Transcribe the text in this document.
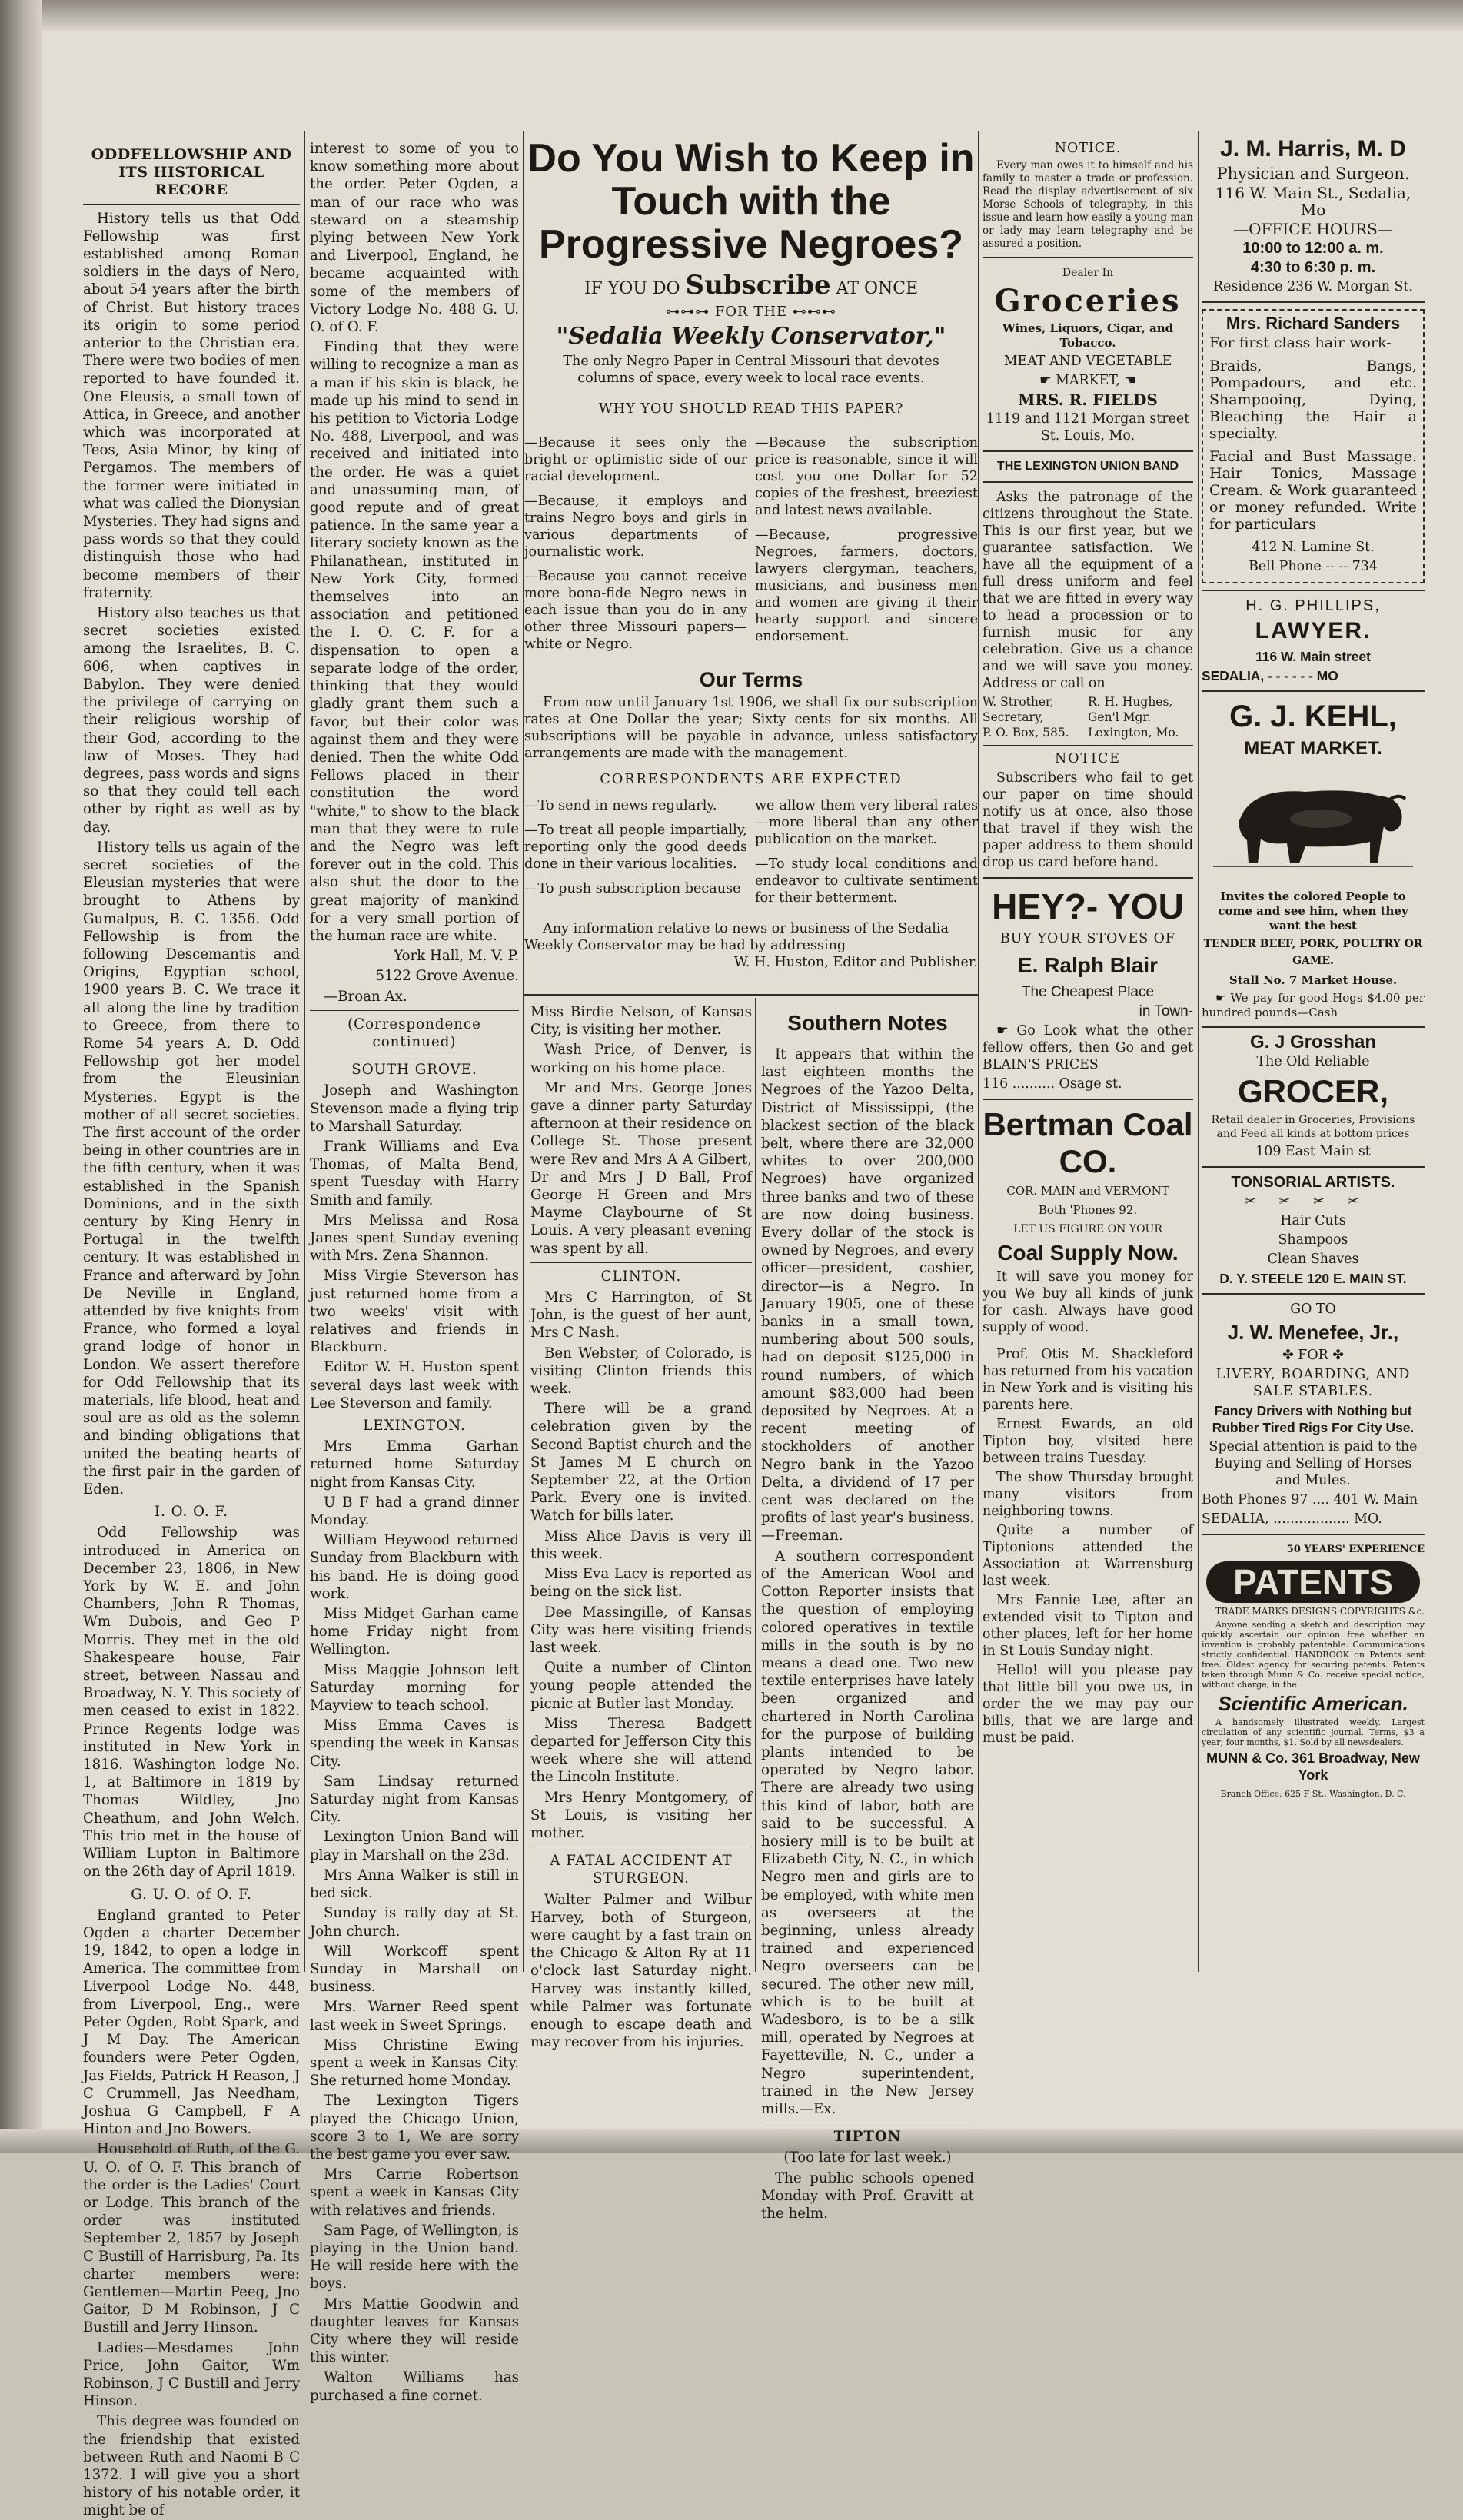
ODDFELLOWSHIP AND ITS HISTORICAL RECORE

History tells us that Odd Fellowship was first established among Roman soldiers in the days of Nero, about 54 years after the birth of Christ. But history traces its origin to some period anterior to the Christian era. There were two bodies of men reported to have founded it. One Eleusis, a small town of Attica, in Greece, and another which was incorporated at Teos, Asia Minor, by king of Pergamos. The members of the former were initiated in what was called the Dionysian Mysteries. They had signs and pass words so that they could distinguish those who had become members of their fraternity.

History also teaches us that secret societies existed among the Israelites, B. C. 606, when captives in Babylon. They were denied the privilege of carrying on their religious worship of their God, according to the law of Moses. They had degrees, pass words and signs so that they could tell each other by right as well as by day.

History tells us again of the secret societies of the Eleusian mysteries that were brought to Athens by Gumalpus, B. C. 1356. Odd Fellowship is from the following Descemantis and Origins, Egyptian school, 1900 years B. C. We trace it all along the line by tradition to Greece, from there to Rome 54 years A. D. Odd Fellowship got her model from the Eleusinian Mysteries. Egypt is the mother of all secret societies. The first account of the order being in other countries are in the fifth century, when it was established in the Spanish Dominions, and in the sixth century by King Henry in Portugal in the twelfth century. It was established in France and afterward by John De Neville in England, attended by five knights from France, who formed a loyal grand lodge of honor in London. We assert therefore for Odd Fellowship that its materials, life blood, heat and soul are as old as the solemn and binding obligations that united the beating hearts of the first pair in the garden of Eden.

I. O. O. F.

Odd Fellowship was introduced in America on December 23, 1806, in New York by W. E. and John Chambers, John R Thomas, Wm Dubois, and Geo P Morris. They met in the old Shakespeare house, Fair street, between Nassau and Broadway, N. Y. This society of men ceased to exist in 1822. Prince Regents lodge was instituted in New York in 1816. Washington lodge No. 1, at Baltimore in 1819 by Thomas Wildley, Jno Cheathum, and John Welch. This trio met in the house of William Lupton in Baltimore on the 26th day of April 1819.

G. U. O. of O. F.

England granted to Peter Ogden a charter December 19, 1842, to open a lodge in America. The committee from Liverpool Lodge No. 448, from Liverpool, Eng., were Peter Ogden, Robt Spark, and J M Day. The American founders were Peter Ogden, Jas Fields, Patrick H Reason, J C Crummell, Jas Needham, Joshua G Campbell, F A Hinton and Jno Bowers.

Household of Ruth, of the G. U. O. of O. F. This branch of the order is the Ladies' Court or Lodge. This branch of the order was instituted September 2, 1857 by Joseph C Bustill of Harrisburg, Pa. Its charter members were: Gentlemen—Martin Peeg, Jno Gaitor, D M Robinson, J C Bustill and Jerry Hinson.

Ladies—Mesdames John Price, John Gaitor, Wm Robinson, J C Bustill and Jerry Hinson.

This degree was founded on the friendship that existed between Ruth and Naomi B C 1372. I will give you a short history of his notable order, it might be of

interest to some of you to know something more about the order. Peter Ogden, a man of our race who was steward on a steamship plying between New York and Liverpool, England, he became acquainted with some of the members of Victory Lodge No. 488 G. U. O. of O. F.

Finding that they were willing to recognize a man as a man if his skin is black, he made up his mind to send in his petition to Victoria Lodge No. 488, Liverpool, and was received and initiated into the order. He was a quiet and unassuming man, of good repute and of great patience. In the same year a literary society known as the Philanathean, instituted in New York City, formed themselves into an association and petitioned the I. O. C. F. for a dispensation to open a separate lodge of the order, thinking that they would gladly grant them such a favor, but their color was against them and they were denied. Then the white Odd Fellows placed in their constitution the word "white," to show to the black man that they were to rule and the Negro was left forever out in the cold. This also shut the door to the great majority of mankind for a very small portion of the human race are white.

York Hall, M. V. P.

5122 Grove Avenue.

—Broan Ax.

(Correspondence continued)

SOUTH GROVE.

Joseph and Washington Stevenson made a flying trip to Marshall Saturday.

Frank Williams and Eva Thomas, of Malta Bend, spent Tuesday with Harry Smith and family.

Mrs Melissa and Rosa Janes spent Sunday evening with Mrs. Zena Shannon.

Miss Virgie Steverson has just returned home from a two weeks' visit with relatives and friends in Blackburn.

Editor W. H. Huston spent several days last week with Lee Steverson and family.

LEXINGTON.

Mrs Emma Garhan returned home Saturday night from Kansas City.

U B F had a grand dinner Monday.

William Heywood returned Sunday from Blackburn with his band. He is doing good work.

Miss Midget Garhan came home Friday night from Wellington.

Miss Maggie Johnson left Saturday morning for Mayview to teach school.

Miss Emma Caves is spending the week in Kansas City.

Sam Lindsay returned Saturday night from Kansas City.

Lexington Union Band will play in Marshall on the 23d.

Mrs Anna Walker is still in bed sick.

Sunday is rally day at St. John church.

Will Workcoff spent Sunday in Marshall on business.

Mrs. Warner Reed spent last week in Sweet Springs.

Miss Christine Ewing spent a week in Kansas City. She returned home Monday.

The Lexington Tigers played the Chicago Union, score 3 to 1, We are sorry the best game you ever saw.

Mrs Carrie Robertson spent a week in Kansas City with relatives and friends.

Sam Page, of Wellington, is playing in the Union band. He will reside here with the boys.

Mrs Mattie Goodwin and daughter leaves for Kansas City where they will reside this winter.

Walton Williams has purchased a fine cornet.

Do You Wish to Keep in Touch with the Progressive Negroes?
IF YOU DO Subscribe AT ONCE
⊶⊶⊶ FOR THE ⊷⊷⊷
"Sedalia Weekly Conservator,"
The only Negro Paper in Central Missouri that devotes columns of space, every week to local race events.
WHY YOU SHOULD READ THIS PAPER?

—Because it sees only the bright or optimistic side of our racial development.

—Because, it employs and trains Negro boys and girls in various departments of journalistic work.

—Because you cannot receive more bona-fide Negro news in each issue than you do in any other three Missouri papers—white or Negro.

—Because the subscription price is reasonable, since it will cost you one Dollar for 52 copies of the freshest, breeziest and latest news available.

—Because, progressive Negroes, farmers, doctors, lawyers clergyman, teachers, musicians, and business men and women are giving it their hearty support and sincere endorsement.

Our Terms

From now until January 1st 1906, we shall fix our subscription rates at One Dollar the year; Sixty cents for six months. All subscriptions will be payable in advance, unless satisfactory arrangements are made with the management.

CORRESPONDENTS ARE EXPECTED

—To send in news regularly.

—To treat all people impartially, reporting only the good deeds done in their various localities.

—To push subscription because

we allow them very liberal rates—more liberal than any other publication on the market.

—To study local conditions and endeavor to cultivate sentiment for their betterment.

Any information relative to news or business of the Sedalia Weekly Conservator may be had by addressing

W. H. Huston, Editor and Publisher.

Miss Birdie Nelson, of Kansas City, is visiting her mother.

Wash Price, of Denver, is working on his home place.

Mr and Mrs. George Jones gave a dinner party Saturday afternoon at their residence on College St. Those present were Rev and Mrs A A Gilbert, Dr and Mrs J D Ball, Prof George H Green and Mrs Mayme Claybourne of St Louis. A very pleasant evening was spent by all.

CLINTON.

Mrs C Harrington, of St John, is the guest of her aunt, Mrs C Nash.

Ben Webster, of Colorado, is visiting Clinton friends this week.

There will be a grand celebration given by the Second Baptist church and the St James M E church on September 22, at the Ortion Park. Every one is invited. Watch for bills later.

Miss Alice Davis is very ill this week.

Miss Eva Lacy is reported as being on the sick list.

Dee Massingille, of Kansas City was here visiting friends last week.

Quite a number of Clinton young people attended the picnic at Butler last Monday.

Miss Theresa Badgett departed for Jefferson City this week where she will attend the Lincoln Institute.

Mrs Henry Montgomery, of St Louis, is visiting her mother.

A FATAL ACCIDENT AT STURGEON.

Walter Palmer and Wilbur Harvey, both of Sturgeon, were caught by a fast train on the Chicago & Alton Ry at 11 o'clock last Saturday night. Harvey was instantly killed, while Palmer was fortunate enough to escape death and may recover from his injuries.

Southern Notes

It appears that within the last eighteen months the Negroes of the Yazoo Delta, District of Mississippi, (the blackest section of the black belt, where there are 32,000 whites to over 200,000 Negroes) have organized three banks and two of these are now doing business. Every dollar of the stock is owned by Negroes, and every officer—president, cashier, director—is a Negro. In January 1905, one of these banks in a small town, numbering about 500 souls, had on deposit $125,000 in round numbers, of which amount $83,000 had been deposited by Negroes. At a recent meeting of stockholders of another Negro bank in the Yazoo Delta, a dividend of 17 per cent was declared on the profits of last year's business.—Freeman.

A southern correspondent of the American Wool and Cotton Reporter insists that the question of employing colored operatives in textile mills in the south is by no means a dead one. Two new textile enterprises have lately been organized and chartered in North Carolina for the purpose of building plants intended to be operated by Negro labor. There are already two using this kind of labor, both are said to be successful. A hosiery mill is to be built at Elizabeth City, N. C., in which Negro men and girls are to be employed, with white men as overseers at the beginning, unless already trained and experienced Negro overseers can be secured. The other new mill, which is to be built at Wadesboro, is to be a silk mill, operated by Negroes at Fayetteville, N. C., under a Negro superintendent, trained in the New Jersey mills.—Ex.

TIPTON

(Too late for last week.)

The public schools opened Monday with Prof. Gravitt at the helm.

NOTICE.

Every man owes it to himself and his family to master a trade or profession. Read the display advertisement of six Morse Schools of telegraphy, in this issue and learn how easily a young man or lady may learn telegraphy and be assured a position.

Dealer In

Groceries

Wines, Liquors, Cigar, and Tobacco.

MEAT AND VEGETABLE

☛ MARKET, ☚

MRS. R. FIELDS

1119 and 1121 Morgan street St. Louis, Mo.

THE LEXINGTON UNION BAND

Asks the patronage of the citizens throughout the State. This is our first year, but we guarantee satisfaction. We have all the equipment of a full dress uniform and feel that we are fitted in every way to head a procession or to furnish music for any celebration. Give us a chance and we will save you money. Address or call on

W. Strother,	R. H. Hughes,
Secretary,	Gen'l Mgr.
P. O. Box, 585.	Lexington, Mo.

NOTICE

Subscribers who fail to get our paper on time should notify us at once, also those that travel if they wish the paper address to them should drop us card before hand.

HEY?- YOU

BUY YOUR STOVES OF

E. Ralph Blair

The Cheapest Place

in Town-

☛ Go Look what the other fellow offers, then Go and get BLAIN'S PRICES

116 .......... Osage st.

Bertman Coal CO.

COR. MAIN and VERMONT

Both 'Phones 92.

LET US FIGURE ON YOUR

Coal Supply Now.

It will save you money for you We buy all kinds of junk for cash. Always have good supply of wood.

Prof. Otis M. Shackleford has returned from his vacation in New York and is visiting his parents here.

Ernest Ewards, an old Tipton boy, visited here between trains Tuesday.

The show Thursday brought many visitors from neighboring towns.

Quite a number of Tiptonions attended the Association at Warrensburg last week.

Mrs Fannie Lee, after an extended visit to Tipton and other places, left for her home in St Louis Sunday night.

Hello! will you please pay that little bill you owe us, in order the we may pay our bills, that we are large and must be paid.

J. M. Harris, M. D

Physician and Surgeon.

116 W. Main St., Sedalia, Mo

—OFFICE HOURS—

10:00 to 12:00 a. m.

4:30 to 6:30 p. m.

Residence 236 W. Morgan St.

Mrs. Richard Sanders

For first class hair work-

Braids, Bangs, Pompadours, and etc. Shampooing, Dying, Bleaching the Hair a specialty.

Facial and Bust Massage. Hair Tonics, Massage Cream. & Work guaranteed or money refunded. Write for particulars

412 N. Lamine St.

Bell Phone -- -- 734

H. G. PHILLIPS,

LAWYER.

116 W. Main street

SEDALIA, - - - - - - MO

G. J. KEHL,

MEAT MARKET.

Invites the colored People to come and see him, when they want the best

TENDER BEEF, PORK, POULTRY OR GAME.

Stall No. 7 Market House.

☛ We pay for good Hogs $4.00 per hundred pounds—Cash

G. J Grosshan

The Old Reliable

GROCER,

Retail dealer in Groceries, Provisions and Feed all kinds at bottom prices

109 East Main st

TONSORIAL ARTISTS.

✂✂✂✂

Hair Cuts

Shampoos

Clean Shaves

D. Y. STEELE 120 E. MAIN ST.

GO TO

J. W. Menefee, Jr.,

✤ FOR ✤

LIVERY, BOARDING, AND SALE STABLES.

Fancy Drivers with Nothing but Rubber Tired Rigs For City Use.

Special attention is paid to the Buying and Selling of Horses and Mules.

Both Phones 97 .... 401 W. Main

SEDALIA, .................. MO.

50 YEARS' EXPERIENCE

PATENTS

TRADE MARKS DESIGNS COPYRIGHTS &c.

Anyone sending a sketch and description may quickly ascertain our opinion free whether an invention is probably patentable. Communications strictly confidential. HANDBOOK on Patents sent free. Oldest agency for securing patents. Patents taken through Munn & Co. receive special notice, without charge, in the

Scientific American.

A handsomely illustrated weekly. Largest circulation of any scientific journal. Terms, $3 a year; four months, $1. Sold by all newsdealers.

MUNN & Co. 361 Broadway, New York

Branch Office, 625 F St., Washington, D. C.
